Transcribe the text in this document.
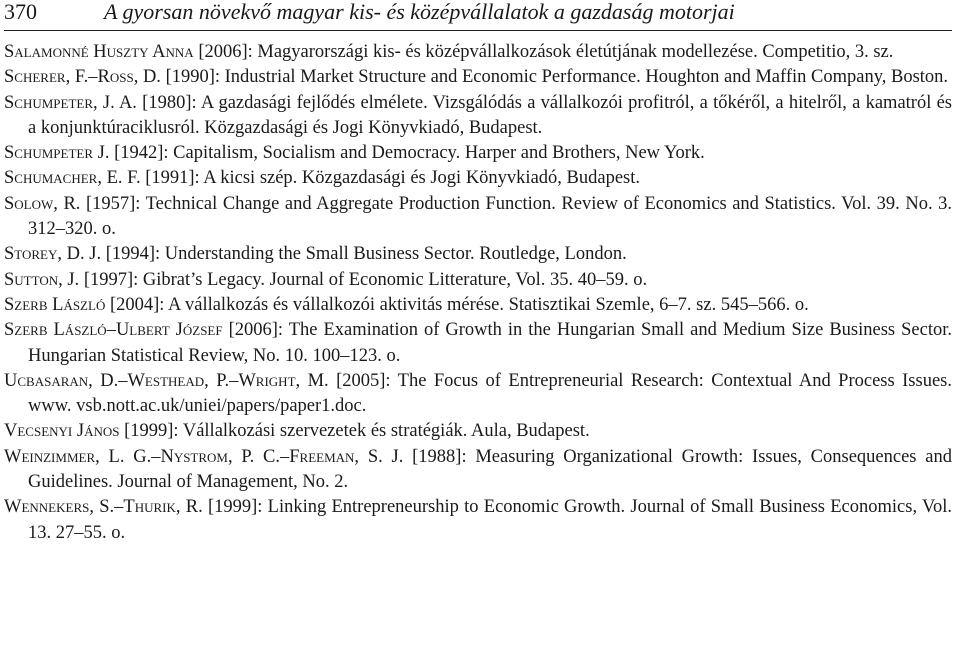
370	A gyorsan növekvő magyar kis- és középvállalatok a gazdaság motorjai
Salamonné Huszty Anna [2006]: Magyarországi kis- és középvállalkozások életútjának modellezése. Competitio, 3. sz.
Scherer, F.–Ross, D. [1990]: Industrial Market Structure and Economic Performance. Houghton and Maffin Company, Boston.
Schumpeter, J. A. [1980]: A gazdasági fejlődés elmélete. Vizsgálódás a vállalkozói profitról, a tőkéről, a hitelről, a kamatról és a konjunktúraciklusról. Közgazdasági és Jogi Könyvkiadó, Budapest.
Schumpeter J. [1942]: Capitalism, Socialism and Democracy. Harper and Brothers, New York.
Schumacher, E. F. [1991]: A kicsi szép. Közgazdasági és Jogi Könyvkiadó, Budapest.
Solow, R. [1957]: Technical Change and Aggregate Production Function. Review of Economics and Statistics. Vol. 39. No. 3. 312–320. o.
Storey, D. J. [1994]: Understanding the Small Business Sector. Routledge, London.
Sutton, J. [1997]: Gibrat’s Legacy. Journal of Economic Litterature, Vol. 35. 40–59. o.
Szerb László [2004]: A vállalkozás és vállalkozói aktivitás mérése. Statisztikai Szemle, 6–7. sz. 545–566. o.
Szerb László–Ulbert József [2006]: The Examination of Growth in the Hungarian Small and Medium Size Business Sector. Hungarian Statistical Review, No. 10. 100–123. o.
Ucbasaran, D.–Westhead, P.–Wright, M. [2005]: The Focus of Entrepreneurial Research: Contextual And Process Issues. www. vsb.nott.ac.uk/uniei/papers/paper1.doc.
Vecsenyi János [1999]: Vállalkozási szervezetek és stratégiák. Aula, Budapest.
Weinzimmer, L. G.–Nystrom, P. C.–Freeman, S. J. [1988]: Measuring Organizational Growth: Issues, Consequences and Guidelines. Journal of Management, No. 2.
Wennekers, S.–Thurik, R. [1999]: Linking Entrepreneurship to Economic Growth. Journal of Small Business Economics, Vol. 13. 27–55. o.
